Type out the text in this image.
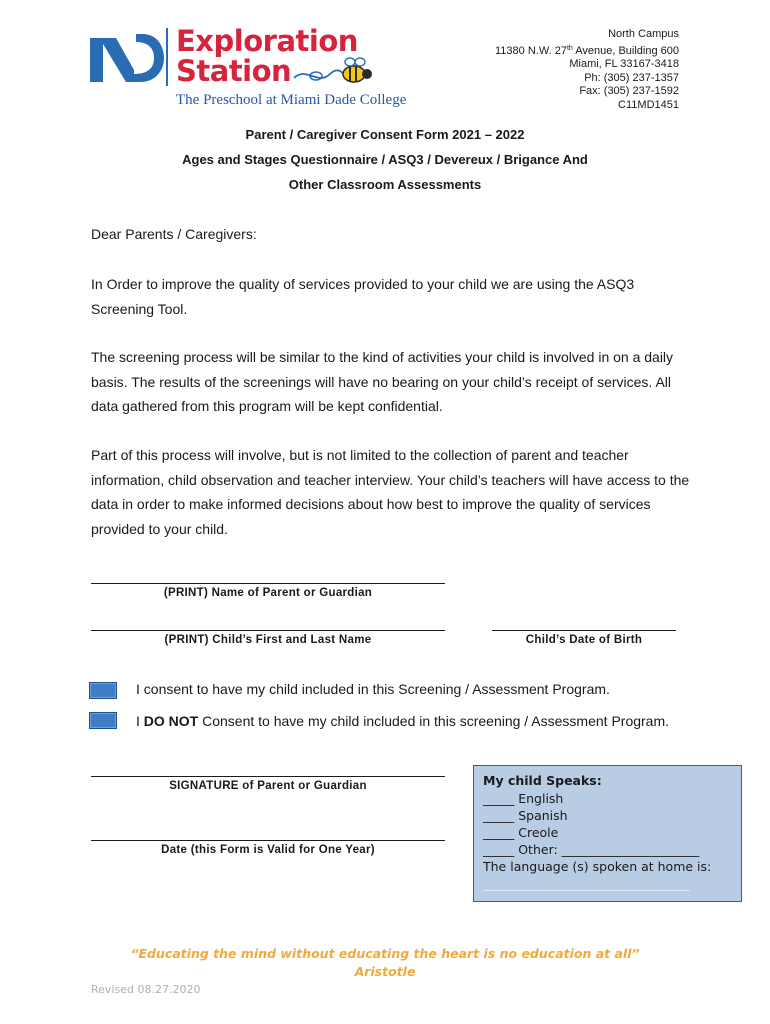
Exploration
Station
The Preschool at Miami Dade College
North Campus
11380 N.W. 27th Avenue, Building 600
Miami, FL 33167-3418
Ph: (305) 237-1357
Fax: (305) 237-1592
C11MD1451
Parent / Caregiver Consent Form 2021 – 2022
Ages and Stages Questionnaire / ASQ3 / Devereux / Brigance And
Other Classroom Assessments
Dear Parents / Caregivers:
In Order to improve the quality of services provided to your child we are using the ASQ3 Screening Tool.
The screening process will be similar to the kind of activities your child is involved in on a daily basis. The results of the screenings will have no bearing on your child’s receipt of services. All data gathered from this program will be kept confidential.
Part of this process will involve, but is not limited to the collection of parent and teacher information, child observation and teacher interview. Your child’s teachers will have access to the data in order to make informed decisions about how best to improve the quality of services provided to your child.
(PRINT) Name of Parent or Guardian
(PRINT) Child’s First and Last Name	Child’s Date of Birth
I consent to have my child included in this Screening / Assessment Program.
I DO NOT Consent to have my child included in this screening / Assessment Program.
SIGNATURE of Parent or Guardian
Date (this Form is Valid for One Year)
My child Speaks:
_____ English
_____ Spanish
_____ Creole
_____ Other: ______________________
The language (s) spoken at home is:
_________________________________
“Educating the mind without educating the heart is no education at all”
Aristotle
Revised 08.27.2020
